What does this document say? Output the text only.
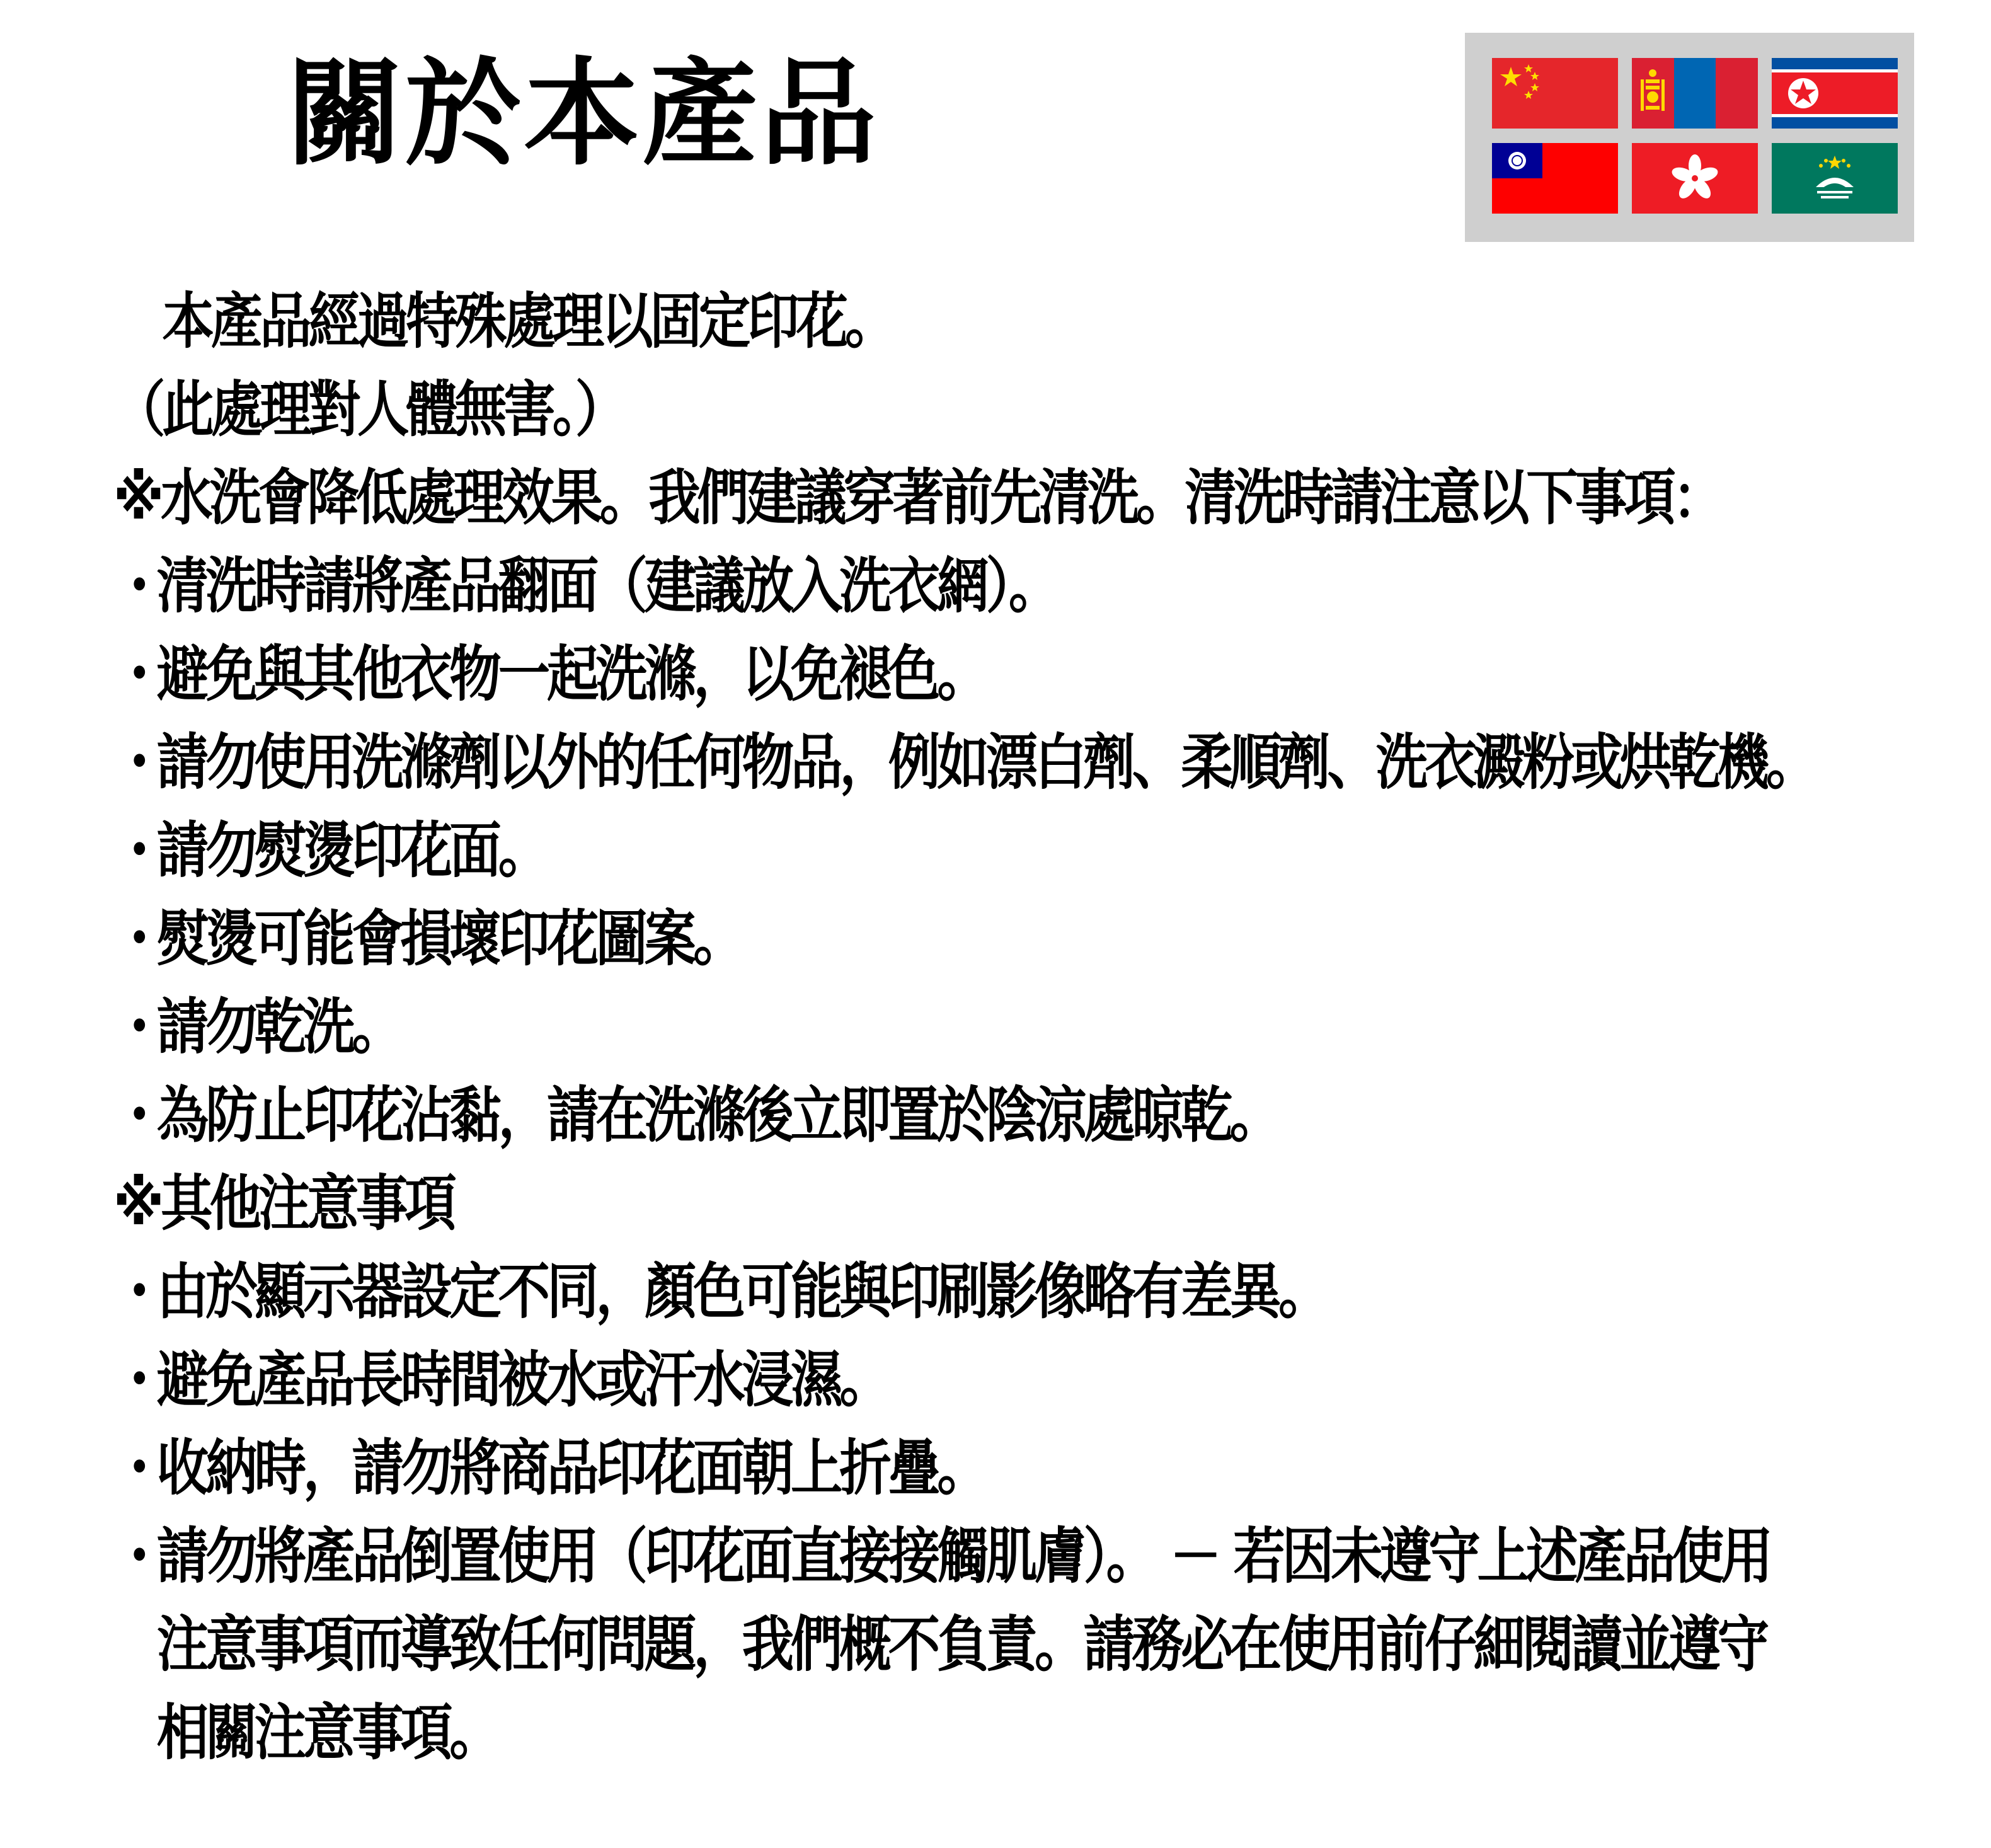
關於本產品
本產品經過特殊處理以固定印花。
（此處理對人體無害。）
※水洗會降低處理效果。我們建議穿著前先清洗。清洗時請注意以下事項：
・ 清洗時請將產品翻面（建議放入洗衣網）。
・ 避免與其他衣物一起洗滌，以免褪色。
・ 請勿使用洗滌劑以外的任何物品，例如漂白劑、柔順劑、洗衣澱粉或烘乾機。
・ 請勿熨燙印花面。
・ 熨燙可能會損壞印花圖案。
・ 請勿乾洗。
・ 為防止印花沾黏，請在洗滌後立即置於陰涼處晾乾。
※其他注意事項
・ 由於顯示器設定不同，顏色可能與印刷影像略有差異。
・ 避免產品長時間被水或汗水浸濕。
・ 收納時，請勿將商品印花面朝上折疊。
・ 請勿將產品倒置使用（印花面直接接觸肌膚）。 － 若因未遵守上述產品使用
注意事項而導致任何問題，我們概不負責。請務必在使用前仔細閱讀並遵守
相關注意事項。
